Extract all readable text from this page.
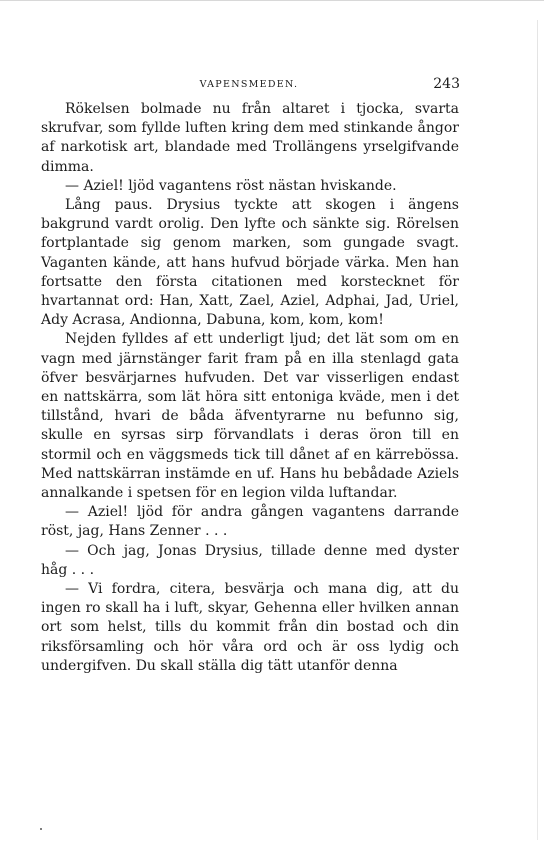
VAPENSMEDEN.	243

Rökelsen bolmade nu från altaret i tjocka, svarta skrufvar, som fyllde luften kring dem med stinkande ångor af narkotisk art, blandade med Trollängens yrselgifvande dimma.

— Aziel! ljöd vagantens röst nästan hviskande.

Lång paus. Drysius tyckte att skogen i ängens bakgrund vardt orolig. Den lyfte och sänkte sig. Rörelsen fortplantade sig genom marken, som gungade svagt. Vaganten kände, att hans hufvud började värka. Men han fortsatte den första citationen med korstecknet för hvartannat ord: Han, Xatt, Zael, Aziel, Adphai, Jad, Uriel, Ady Acrasa, Andionna, Dabuna, kom, kom, kom!

Nejden fylldes af ett underligt ljud; det lät som om en vagn med järnstänger farit fram på en illa stenlagd gata öfver besvärjarnes hufvuden. Det var visserligen endast en nattskärra, som lät höra sitt entoniga kväde, men i det tillstånd, hvari de båda äfventyrarne nu befunno sig, skulle en syrsas sirp förvandlats i deras öron till en stormil och en väggsmeds tick till dånet af en kärrebössa. Med nattskärran instämde en uf. Hans hu bebådade Aziels annalkande i spetsen för en legion vilda luftandar.

— Aziel! ljöd för andra gången vagantens darrande röst, jag, Hans Zenner . . .

— Och jag, Jonas Drysius, tillade denne med dyster håg . . .

— Vi fordra, citera, besvärja och mana dig, att du ingen ro skall ha i luft, skyar, Gehenna eller hvilken annan ort som helst, tills du kommit från din bostad och din riksförsamling och hör våra ord och är oss lydig och undergifven. Du skall ställa dig tätt utanför denna
